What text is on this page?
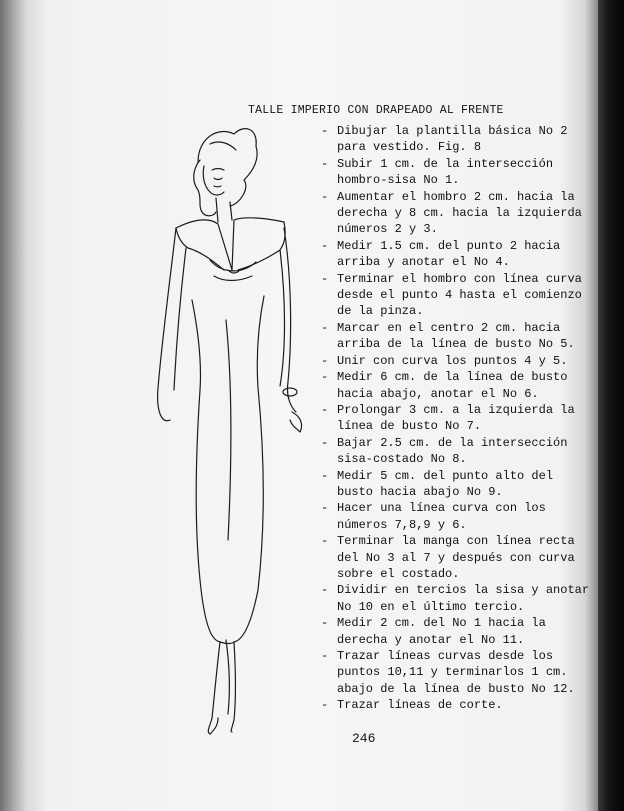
TALLE IMPERIO CON DRAPEADO AL FRENTE
- Dibujar la plantilla básica No 2 para vestido. Fig. 8
- Subir 1 cm. de la intersección hombro-sisa No 1.
- Aumentar el hombro 2 cm. hacia la derecha y 8 cm. hacia la izquierda números 2 y 3.
- Medir 1.5 cm. del punto 2 hacia arriba y anotar el No 4.
- Terminar el hombro con línea curva desde el punto 4 hasta el comienzo de la pinza.
- Marcar en el centro 2 cm. hacia arriba de la línea de busto No 5.
- Unir con curva los puntos 4 y 5.
- Medir 6 cm. de la línea de busto hacia abajo, anotar el No 6.
- Prolongar 3 cm. a la izquierda la línea de busto No 7.
- Bajar 2.5 cm. de la intersección sisa-costado No 8.
- Medir 5 cm. del punto alto del busto hacia abajo No 9.
- Hacer una línea curva con los números 7,8,9 y 6.
- Terminar la manga con línea recta del No 3 al 7 y después con curva sobre el costado.
- Dividir en tercios la sisa y anotar No 10 en el último tercio.
- Medir 2 cm. del No 1 hacia la derecha y anotar el No 11.
- Trazar líneas curvas desde los puntos 10,11 y terminarlos 1 cm. abajo de la línea de busto No 12.
- Trazar líneas de corte.
246
